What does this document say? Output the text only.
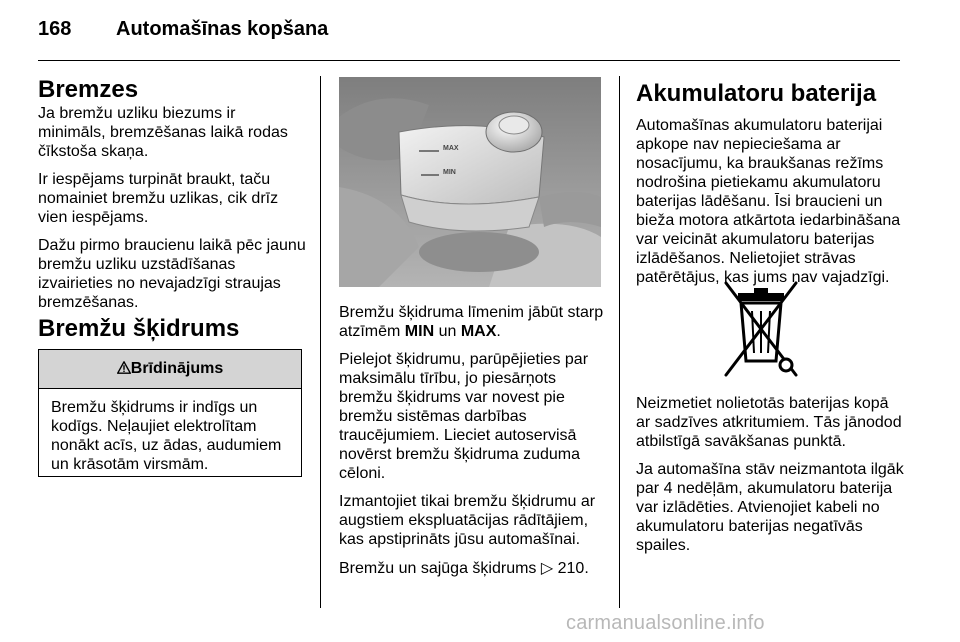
168 Automašīnas kopšana
Bremzes

Ja bremžu uzliku biezums ir minimāls, bremzēšanas laikā rodas čīkstoša skaņa.

Ir iespējams turpināt braukt, taču nomainiet bremžu uzlikas, cik drīz vien iespējams.

Dažu pirmo braucienu laikā pēc jaunu bremžu uzliku uzstādīšanas izvairieties no nevajadzīgi straujas bremzēšanas.

Bremžu šķidrums
Brīdinājums
Bremžu šķidrums ir indīgs un kodīgs. Neļaujiet elektrolītam nonākt acīs, uz ādas, audumiem un krāsotām virsmām.
MAX
MIN

Bremžu šķidruma līmenim jābūt starp atzīmēm MIN un MAX.

Pielejot šķidrumu, parūpējieties par maksimālu tīrību, jo piesārņots bremžu šķidrums var novest pie bremžu sistēmas darbības traucējumiem. Lieciet autoservisā novērst bremžu šķidruma zuduma cēloni.

Izmantojiet tikai bremžu šķidrumu ar augstiem ekspluatācijas rādītājiem, kas apstiprināts jūsu automašīnai.

Bremžu un sajūga šķidrums ▷ 210.

Akumulatoru baterija

Automašīnas akumulatoru baterijai apkope nav nepieciešama ar nosacījumu, ka braukšanas režīms nodrošina pietiekamu akumulatoru baterijas lādēšanu. Īsi braucieni un bieža motora atkārtota iedarbināšana var veicināt akumulatoru baterijas izlādēšanos. Nelietojiet strāvas patērētājus, kas jums nav vajadzīgi.

Neizmetiet nolietotās baterijas kopā ar sadzīves atkritumiem. Tās jānodod atbilstīgā savākšanas punktā.

Ja automašīna stāv neizmantota ilgāk par 4 nedēļām, akumulatoru baterija var izlādēties. Atvienojiet kabeli no akumulatoru baterijas negatīvās spailes.

carmanualsonline.info
